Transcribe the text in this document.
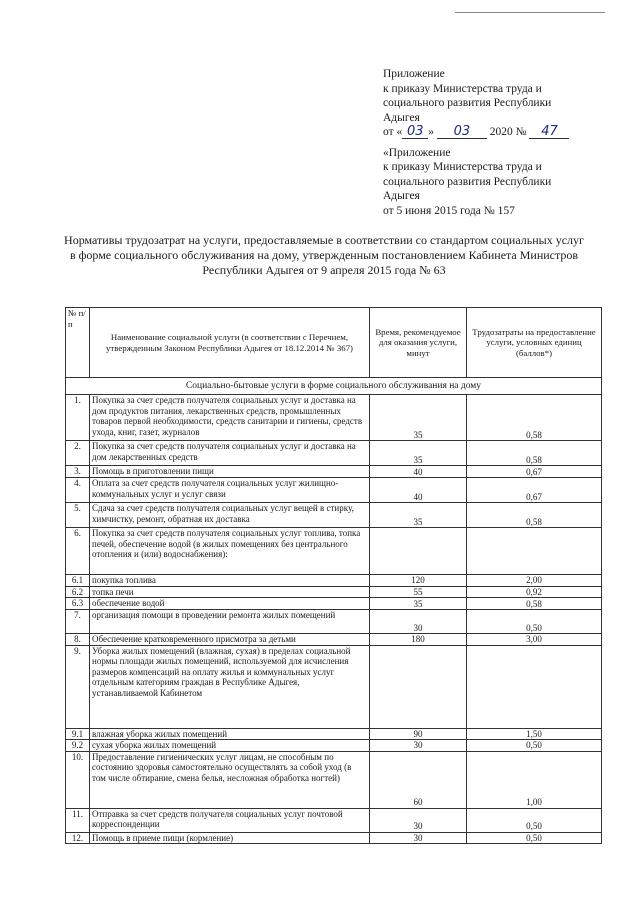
Приложение
к приказу Министерства труда и
социального развития Республики
Адыгея
от « 03 » 03 2020 № 47
«Приложение
к приказу Министерства труда и
социального развития Республики
Адыгея
от 5 июня 2015 года № 157
Нормативы трудозатрат на услуги, предоставляемые в соответствии со стандартом социальных услуг в форме социального обслуживания на дому, утвержденным постановлением Кабинета Министров Республики Адыгея от 9 апреля 2015 года № 63
№ п/п	Наименование социальной услуги (в соответствии с Перечнем, утвержденным Законом Республики Адыгея от 18.12.2014 № 367)	Время, рекомендуемое для оказания услуги, минут	Трудозатраты на предоставление услуги, условных единиц (баллов*)
Социально-бытовые услуги в форме социального обслуживания на дому			
1.	Покупка за счет средств получателя социальных услуг и доставка на дом продуктов питания, лекарственных средств, промышленных товаров первой необходимости, средств санитарии и гигиены, средств ухода, книг, газет, журналов	35	0,58
2.	Покупка за счет средств получателя социальных услуг и доставка на дом лекарственных средств	35	0,58
3.	Помощь в приготовлении пищи	40	0,67
4.	Оплата за счет средств получателя социальных услуг жилищно-коммунальных услуг и услуг связи	40	0,67
5.	Сдача за счет средств получателя социальных услуг вещей в стирку, химчистку, ремонт, обратная их доставка	35	0,58
6.	Покупка за счет средств получателя социальных услуг топлива, топка печей, обеспечение водой (в жилых помещениях без центрального отопления и (или) водоснабжения):		
6.1	покупка топлива	120	2,00
6.2	топка печи	55	0,92
6.3	обеспечение водой	35	0,58
7.	организация помощи в проведении ремонта жилых помещений	30	0,50
8.	Обеспечение кратковременного присмотра за детьми	180	3,00
9.	Уборка жилых помещений (влажная, сухая) в пределах социальной нормы площади жилых помещений, используемой для исчисления размеров компенсаций на оплату жилья и коммунальных услуг отдельным категориям граждан в Республике Адыгея, устанавливаемой Кабинетом		
9.1	влажная уборка жилых помещений	90	1,50
9.2	сухая уборка жилых помещений	30	0,50
10.	Предоставление гигиенических услуг лицам, не способным по состоянию здоровья самостоятельно осуществлять за собой уход (в том числе обтирание, смена белья, несложная обработка ногтей)	60	1,00
11.	Отправка за счет средств получателя социальных услуг почтовой корреспонденции	30	0,50
12.	Помощь в приеме пищи (кормление)	30	0,50
